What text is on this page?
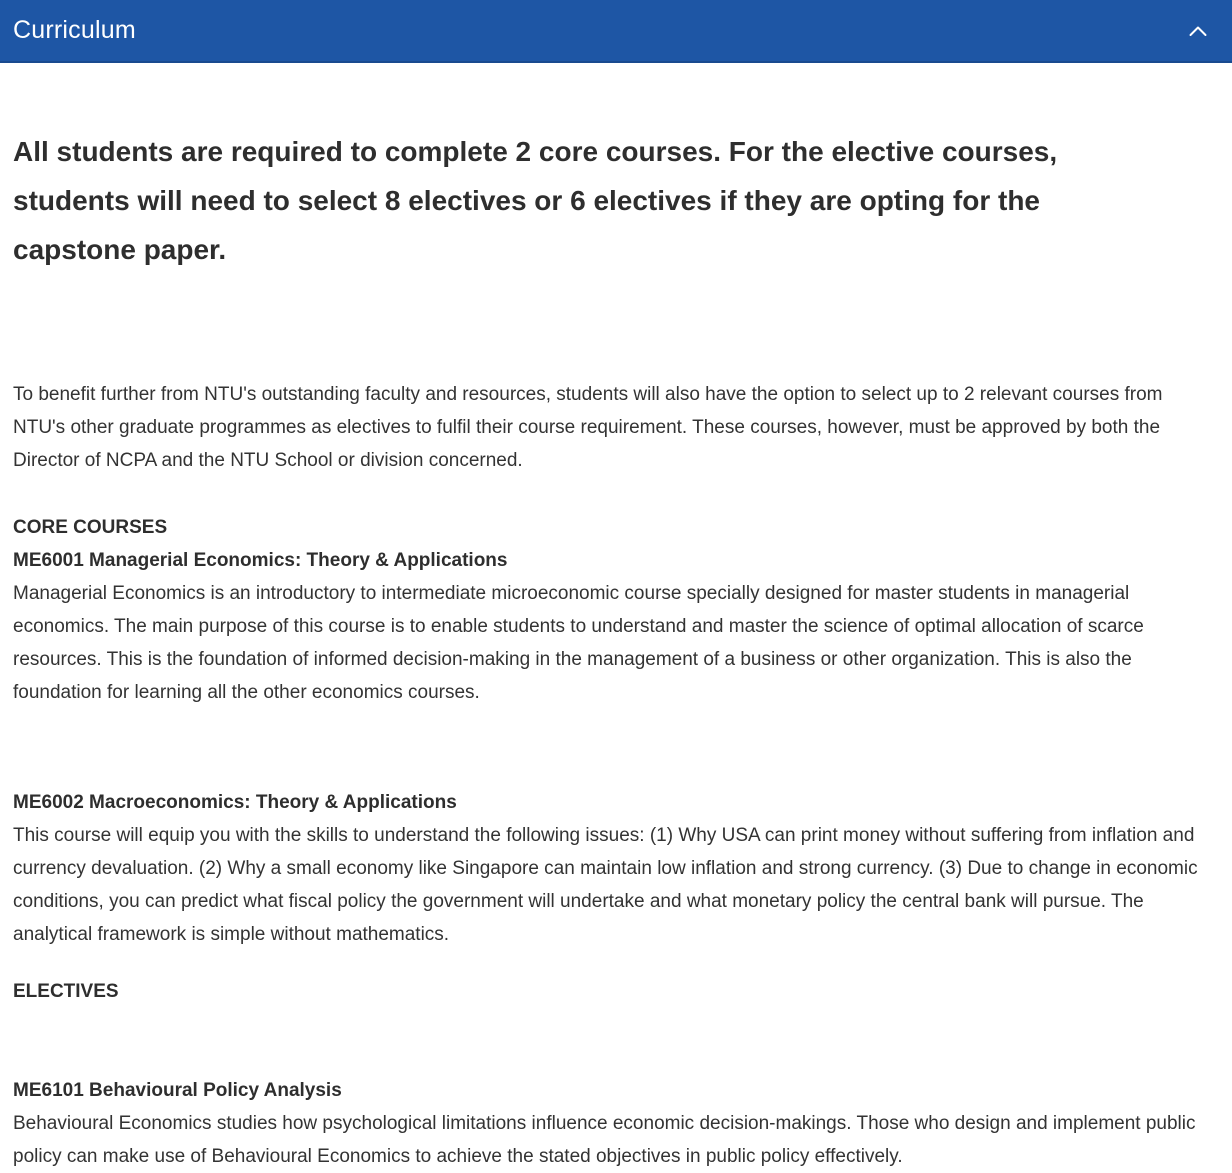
Curriculum
All students are required to complete 2 core courses. For the elective courses, students will need to select 8 electives or 6 electives if they are opting for the capstone paper.

To benefit further from NTU's outstanding faculty and resources, students will also have the option to select up to 2 relevant courses from NTU's other graduate programmes as electives to fulfil their course requirement. These courses, however, must be approved by both the Director of NCPA and the NTU School or division concerned.

CORE COURSES

ME6001 Managerial Economics: Theory & Applications

Managerial Economics is an introductory to intermediate microeconomic course specially designed for master students in managerial economics. The main purpose of this course is to enable students to understand and master the science of optimal allocation of scarce resources. This is the foundation of informed decision-making in the management of a business or other organization. This is also the foundation for learning all the other economics courses.

ME6002 Macroeconomics: Theory & Applications

This course will equip you with the skills to understand the following issues: (1) Why USA can print money without suffering from inflation and currency devaluation. (2) Why a small economy like Singapore can maintain low inflation and strong currency. (3) Due to change in economic conditions, you can predict what fiscal policy the government will undertake and what monetary policy the central bank will pursue. The analytical framework is simple without mathematics.

ELECTIVES

ME6101 Behavioural Policy Analysis

Behavioural Economics studies how psychological limitations influence economic decision-makings. Those who design and implement public policy can make use of Behavioural Economics to achieve the stated objectives in public policy effectively.
